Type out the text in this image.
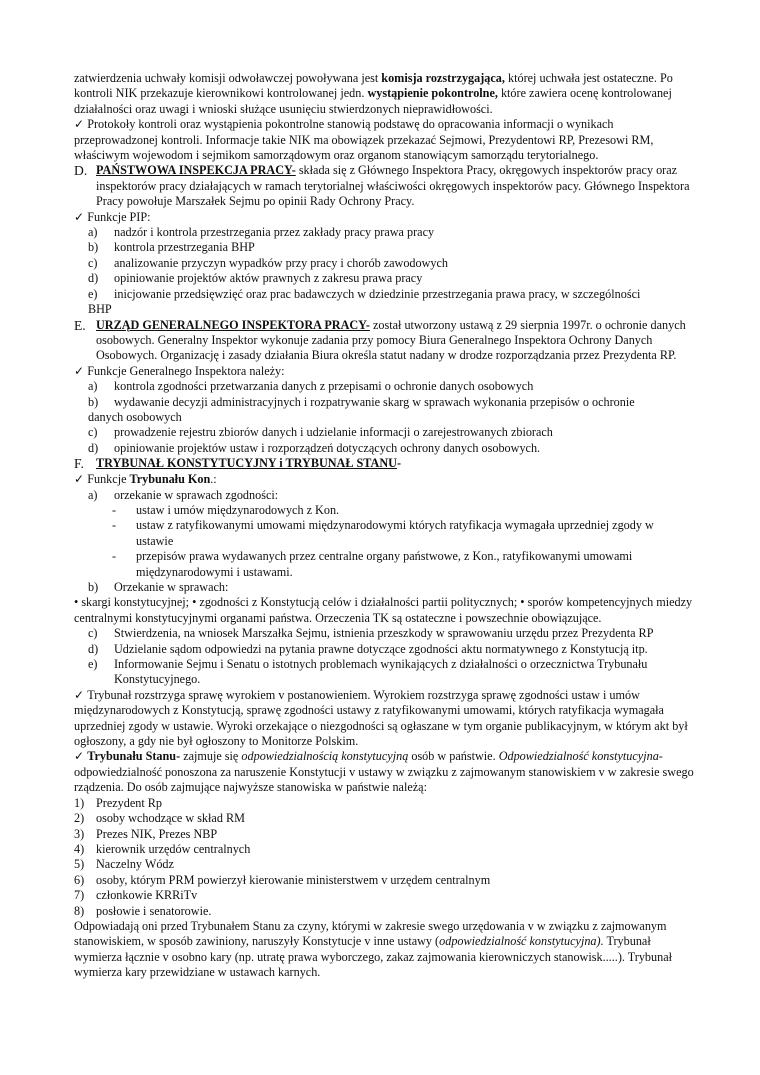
zatwierdzenia uchwały komisji odwoławczej powoływana jest komisja rozstrzygająca, której uchwała jest ostateczne. Po kontroli NIK przekazuje kierownikowi kontrolowanej jedn. wystąpienie pokontrolne, które zawiera ocenę kontrolowanej działalności oraz uwagi i wnioski służące usunięciu stwierdzonych nieprawidłowości.

✓ Protokoły kontroli oraz wystąpienia pokontrolne stanowią podstawę do opracowania informacji o wynikach przeprowadzonej kontroli. Informacje takie NIK ma obowiązek przekazać Sejmowi, Prezydentowi RP, Prezesowi RM, właściwym wojewodom i sejmikom samorządowym oraz organom stanowiącym samorządu terytorialnego.

D. PAŃSTWOWA INSPEKCJA PRACY- składa się z Głównego Inspektora Pracy, okręgowych inspektorów pracy oraz inspektorów pracy działających w ramach terytorialnej właściwości okręgowych inspektorów pacy. Głównego Inspektora Pracy powołuje Marszałek Sejmu po opinii Rady Ochrony Pracy.

✓ Funkcje PIP:

a)	nadzór i kontrola przestrzegania przez zakłady pracy prawa pracy
b)	kontrola przestrzegania BHP
c)	analizowanie przyczyn wypadków przy pracy i chorób zawodowych
d)	opiniowanie projektów aktów prawnych z zakresu prawa pracy
e)	inicjowanie przedsięwzięć oraz prac badawczych w dziedzinie przestrzegania prawa pracy, w szczególności

BHP

E. URZĄD GENERALNEGO INSPEKTORA PRACY- został utworzony ustawą z 29 sierpnia 1997r. o ochronie danych osobowych. Generalny Inspektor wykonuje zadania przy pomocy Biura Generalnego Inspektora Ochrony Danych Osobowych. Organizację i zasady działania Biura określa statut nadany w drodze rozporządzania przez Prezydenta RP.

✓ Funkcje Generalnego Inspektora należy:

a)	kontrola zgodności przetwarzania danych z przepisami o ochronie danych osobowych
b)	wydawanie decyzji administracyjnych i rozpatrywanie skarg w sprawach wykonania przepisów o ochronie

danych osobowych

c)	prowadzenie rejestru zbiorów danych i udzielanie informacji o zarejestrowanych zbiorach
d)	opiniowanie projektów ustaw i rozporządzeń dotyczących ochrony danych osobowych.
F. TRYBUNAŁ KONSTYTUCYJNY i TRYBUNAŁ STANU-

✓ Funkcje Trybunału Kon.:

a)	orzekanie w sprawach zgodności:
-	ustaw i umów międzynarodowych z Kon.
-	ustaw z ratyfikowanymi umowami międzynarodowymi których ratyfikacja wymagała uprzedniej zgody w ustawie
-	przepisów prawa wydawanych przez centralne organy państwowe, z Kon., ratyfikowanymi umowami międzynarodowymi i ustawami.
b)	Orzekanie w sprawach:

• skargi konstytucyjnej; • zgodności z Konstytucją celów i działalności partii politycznych; • sporów kompetencyjnych miedzy centralnymi konstytucyjnymi organami państwa. Orzeczenia TK są ostateczne i powszechnie obowiązujące.

c)	Stwierdzenia, na wniosek Marszałka Sejmu, istnienia przeszkody w sprawowaniu urzędu przez Prezydenta RP
d)	Udzielanie sądom odpowiedzi na pytania prawne dotyczące zgodności aktu normatywnego z Konstytucją itp.
e)	Informowanie Sejmu i Senatu o istotnych problemach wynikających z działalności o orzecznictwa Trybunału Konstytucyjnego.

✓ Trybunał rozstrzyga sprawę wyrokiem v postanowieniem. Wyrokiem rozstrzyga sprawę zgodności ustaw i umów międzynarodowych z Konstytucją, sprawę zgodności ustawy z ratyfikowanymi umowami, których ratyfikacja wymagała uprzedniej zgody w ustawie. Wyroki orzekające o niezgodności są ogłaszane w tym organie publikacyjnym, w którym akt był ogłoszony, a gdy nie był ogłoszony to Monitorze Polskim.

✓ Trybunału Stanu- zajmuje się odpowiedzialnością konstytucyjną osób w państwie. Odpowiedzialność konstytucyjna- odpowiedzialność ponoszona za naruszenie Konstytucji v ustawy w związku z zajmowanym stanowiskiem v w zakresie swego rządzenia. Do osób zajmujące najwyższe stanowiska w państwie należą:

1) Prezydent Rp
2) osoby wchodzące w skład RM
3) Prezes NIK, Prezes NBP
4) kierownik urzędów centralnych
5) Naczelny Wódz
6) osoby, którym PRM powierzył kierowanie ministerstwem v urzędem centralnym
7) członkowie KRRiTv
8) posłowie i senatorowie.

Odpowiadają oni przed Trybunałem Stanu za czyny, którymi w zakresie swego urzędowania v w związku z zajmowanym stanowiskiem, w sposób zawiniony, naruszyły Konstytucje v inne ustawy (odpowiedzialność konstytucyjna). Trybunał wymierza łącznie v osobno kary (np. utratę prawa wyborczego, zakaz zajmowania kierowniczych stanowisk.....). Trybunał wymierza kary przewidziane w ustawach karnych.
